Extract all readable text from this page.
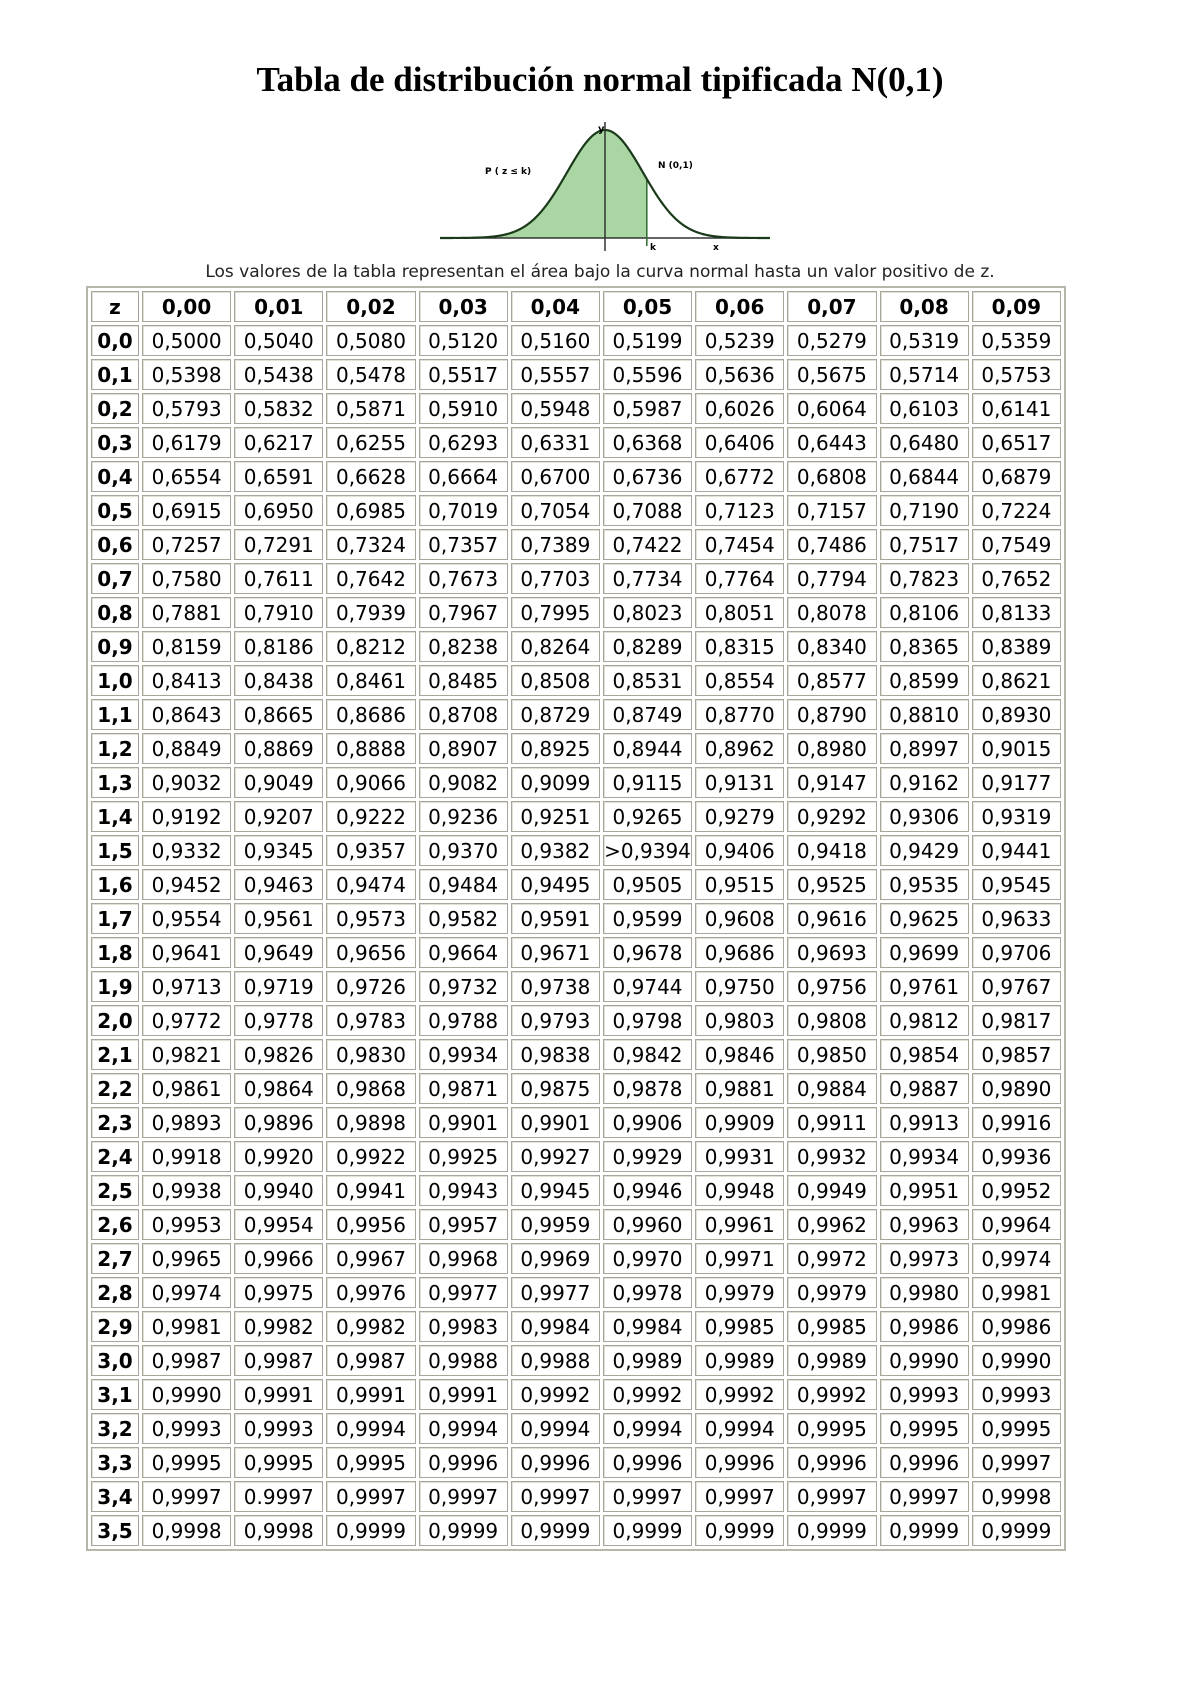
Tabla de distribución normal tipificada N(0,1)
y
P ( z ≤ k)
N (0,1)
k	x
Los valores de la tabla representan el área bajo la curva normal hasta un valor positivo de z.
z	0,00	0,01	0,02	0,03	0,04	0,05	0,06	0,07	0,08	0,09
0,0	0,5000	0,5040	0,5080	0,5120	0,5160	0,5199	0,5239	0,5279	0,5319	0,5359
0,1	0,5398	0,5438	0,5478	0,5517	0,5557	0,5596	0,5636	0,5675	0,5714	0,5753
0,2	0,5793	0,5832	0,5871	0,5910	0,5948	0,5987	0,6026	0,6064	0,6103	0,6141
0,3	0,6179	0,6217	0,6255	0,6293	0,6331	0,6368	0,6406	0,6443	0,6480	0,6517
0,4	0,6554	0,6591	0,6628	0,6664	0,6700	0,6736	0,6772	0,6808	0,6844	0,6879
0,5	0,6915	0,6950	0,6985	0,7019	0,7054	0,7088	0,7123	0,7157	0,7190	0,7224
0,6	0,7257	0,7291	0,7324	0,7357	0,7389	0,7422	0,7454	0,7486	0,7517	0,7549
0,7	0,7580	0,7611	0,7642	0,7673	0,7703	0,7734	0,7764	0,7794	0,7823	0,7652
0,8	0,7881	0,7910	0,7939	0,7967	0,7995	0,8023	0,8051	0,8078	0,8106	0,8133
0,9	0,8159	0,8186	0,8212	0,8238	0,8264	0,8289	0,8315	0,8340	0,8365	0,8389
1,0	0,8413	0,8438	0,8461	0,8485	0,8508	0,8531	0,8554	0,8577	0,8599	0,8621
1,1	0,8643	0,8665	0,8686	0,8708	0,8729	0,8749	0,8770	0,8790	0,8810	0,8930
1,2	0,8849	0,8869	0,8888	0,8907	0,8925	0,8944	0,8962	0,8980	0,8997	0,9015
1,3	0,9032	0,9049	0,9066	0,9082	0,9099	0,9115	0,9131	0,9147	0,9162	0,9177
1,4	0,9192	0,9207	0,9222	0,9236	0,9251	0,9265	0,9279	0,9292	0,9306	0,9319
1,5	0,9332	0,9345	0,9357	0,9370	0,9382	>0,9394	0,9406	0,9418	0,9429	0,9441
1,6	0,9452	0,9463	0,9474	0,9484	0,9495	0,9505	0,9515	0,9525	0,9535	0,9545
1,7	0,9554	0,9561	0,9573	0,9582	0,9591	0,9599	0,9608	0,9616	0,9625	0,9633
1,8	0,9641	0,9649	0,9656	0,9664	0,9671	0,9678	0,9686	0,9693	0,9699	0,9706
1,9	0,9713	0,9719	0,9726	0,9732	0,9738	0,9744	0,9750	0,9756	0,9761	0,9767
2,0	0,9772	0,9778	0,9783	0,9788	0,9793	0,9798	0,9803	0,9808	0,9812	0,9817
2,1	0,9821	0,9826	0,9830	0,9934	0,9838	0,9842	0,9846	0,9850	0,9854	0,9857
2,2	0,9861	0,9864	0,9868	0,9871	0,9875	0,9878	0,9881	0,9884	0,9887	0,9890
2,3	0,9893	0,9896	0,9898	0,9901	0,9901	0,9906	0,9909	0,9911	0,9913	0,9916
2,4	0,9918	0,9920	0,9922	0,9925	0,9927	0,9929	0,9931	0,9932	0,9934	0,9936
2,5	0,9938	0,9940	0,9941	0,9943	0,9945	0,9946	0,9948	0,9949	0,9951	0,9952
2,6	0,9953	0,9954	0,9956	0,9957	0,9959	0,9960	0,9961	0,9962	0,9963	0,9964
2,7	0,9965	0,9966	0,9967	0,9968	0,9969	0,9970	0,9971	0,9972	0,9973	0,9974
2,8	0,9974	0,9975	0,9976	0,9977	0,9977	0,9978	0,9979	0,9979	0,9980	0,9981
2,9	0,9981	0,9982	0,9982	0,9983	0,9984	0,9984	0,9985	0,9985	0,9986	0,9986
3,0	0,9987	0,9987	0,9987	0,9988	0,9988	0,9989	0,9989	0,9989	0,9990	0,9990
3,1	0,9990	0,9991	0,9991	0,9991	0,9992	0,9992	0,9992	0,9992	0,9993	0,9993
3,2	0,9993	0,9993	0,9994	0,9994	0,9994	0,9994	0,9994	0,9995	0,9995	0,9995
3,3	0,9995	0,9995	0,9995	0,9996	0,9996	0,9996	0,9996	0,9996	0,9996	0,9997
3,4	0,9997	0.9997	0,9997	0,9997	0,9997	0,9997	0,9997	0,9997	0,9997	0,9998
3,5	0,9998	0,9998	0,9999	0,9999	0,9999	0,9999	0,9999	0,9999	0,9999	0,9999
